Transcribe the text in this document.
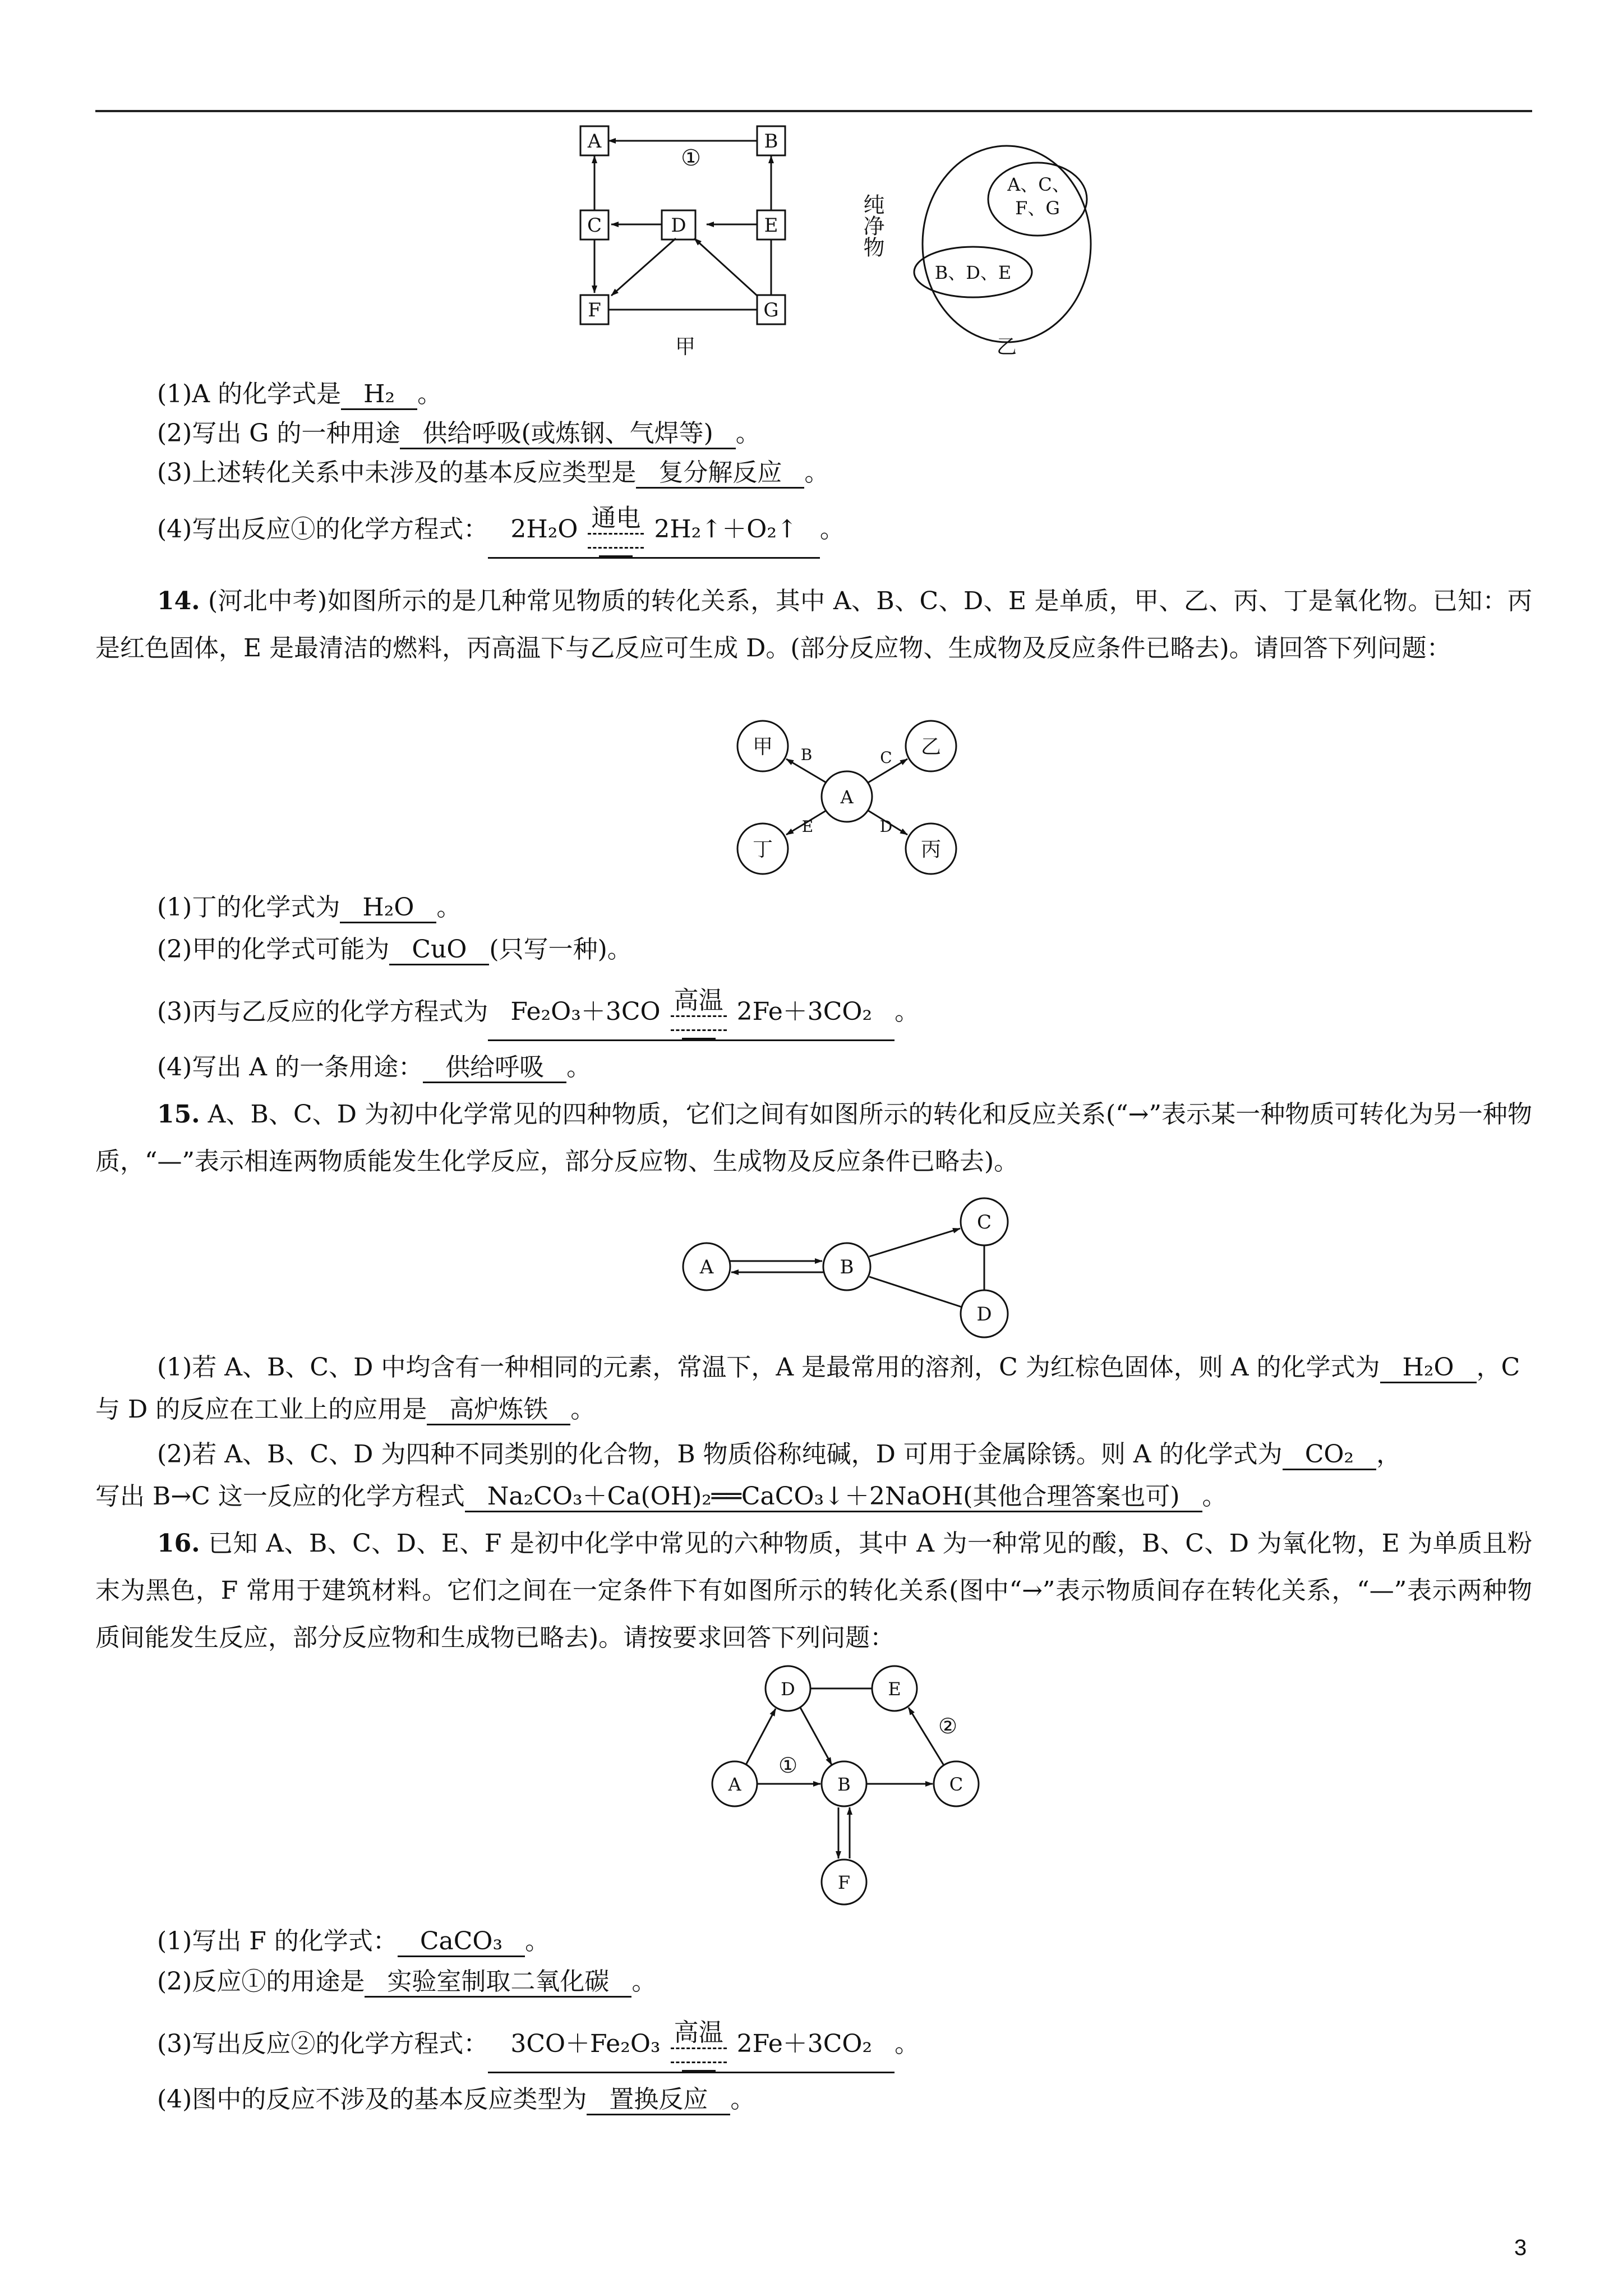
A	B
C	D	E
F	G
①
甲
纯净物
A、C、
F、G
B、D、E
乙
(1)A 的化学式是 H₂ 。
(2)写出 G 的一种用途 供给呼吸(或炼钢、气焊等) 。
(3)上述转化关系中未涉及的基本反应类型是 复分解反应 。
(4)写出反应①的化学方程式： 2H₂O 通电 2H₂↑＋O₂↑ 。
14. (河北中考)如图所示的是几种常见物质的转化关系，其中 A、B、C、D、E 是单质，甲、乙、丙、丁是氧化物。已知：丙是红色固体，E 是最清洁的燃料，丙高温下与乙反应可生成 D。(部分反应物、生成物及反应条件已略去)。请回答下列问题：
甲	乙
A
丁	丙
B	C
E	D
(1)丁的化学式为 H₂O 。
(2)甲的化学式可能为 CuO (只写一种)。
(3)丙与乙反应的化学方程式为 Fe₂O₃＋3CO 高温 2Fe＋3CO₂ 。
(4)写出 A 的一条用途： 供给呼吸 。
15. A、B、C、D 为初中化学常见的四种物质，它们之间有如图所示的转化和反应关系(“→”表示某一种物质可转化为另一种物质，“—”表示相连两物质能发生化学反应，部分反应物、生成物及反应条件已略去)。
A	B
C
D
(1)若 A、B、C、D 中均含有一种相同的元素，常温下，A 是最常用的溶剂，C 为红棕色固体，则 A 的化学式为 H₂O ，C
与 D 的反应在工业上的应用是 高炉炼铁 。
(2)若 A、B、C、D 为四种不同类别的化合物，B 物质俗称纯碱，D 可用于金属除锈。则 A 的化学式为 CO₂ ，
写出 B→C 这一反应的化学方程式 Na₂CO₃＋Ca(OH)₂══CaCO₃↓＋2NaOH(其他合理答案也可) 。
16. 已知 A、B、C、D、E、F 是初中化学中常见的六种物质，其中 A 为一种常见的酸，B、C、D 为氧化物，E 为单质且粉末为黑色，F 常用于建筑材料。它们之间在一定条件下有如图所示的转化关系(图中“→”表示物质间存在转化关系，“—”表示两种物质间能发生反应，部分反应物和生成物已略去)。请按要求回答下列问题：
D	E
A	B	C
F
①
②
(1)写出 F 的化学式： CaCO₃ 。
(2)反应①的用途是 实验室制取二氧化碳 。
(3)写出反应②的化学方程式： 3CO＋Fe₂O₃ 高温 2Fe＋3CO₂ 。
(4)图中的反应不涉及的基本反应类型为 置换反应 。
3
